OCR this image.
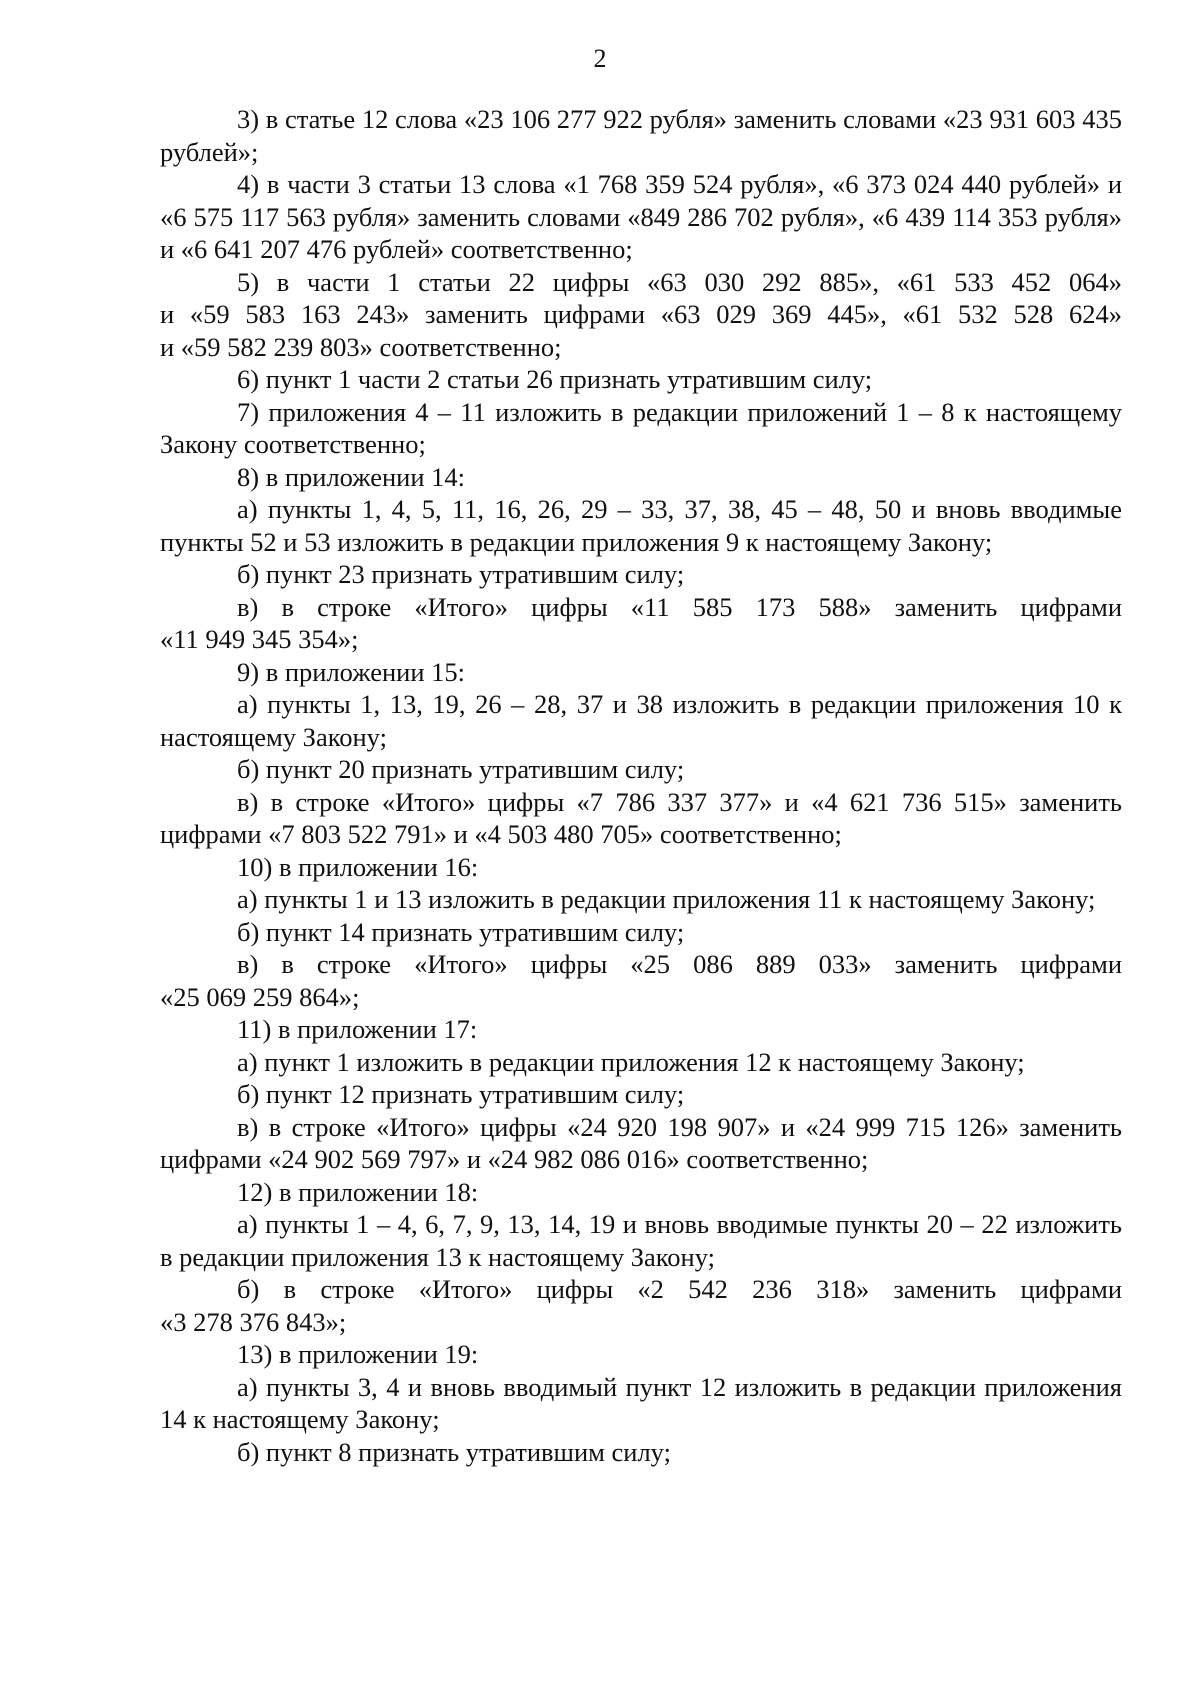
2

3) в статье 12 слова «23 106 277 922 рубля» заменить словами «23 931 603 435 рублей»;

4) в части 3 статьи 13 слова «1 768 359 524 рубля», «6 373 024 440 рублей» и «6 575 117 563 рубля» заменить словами «849 286 702 рубля», «6 439 114 353 рубля» и «6 641 207 476 рублей» соответственно;

5) в части 1 статьи 22 цифры «63 030 292 885», «61 533 452 064» и «59 583 163 243» заменить цифрами «63 029 369 445», «61 532 528 624» и «59 582 239 803» соответственно;

6) пункт 1 части 2 статьи 26 признать утратившим силу;

7) приложения 4 – 11 изложить в редакции приложений 1 – 8 к настоящему Закону соответственно;

8) в приложении 14:

а) пункты 1, 4, 5, 11, 16, 26, 29 – 33, 37, 38, 45 – 48, 50 и вновь вводимые пункты 52 и 53 изложить в редакции приложения 9 к настоящему Закону;

б) пункт 23 признать утратившим силу;

в) в строке «Итого» цифры «11 585 173 588» заменить цифрами «11 949 345 354»;

9) в приложении 15:

а) пункты 1, 13, 19, 26 – 28, 37 и 38 изложить в редакции приложения 10 к настоящему Закону;

б) пункт 20 признать утратившим силу;

в) в строке «Итого» цифры «7 786 337 377» и «4 621 736 515» заменить цифрами «7 803 522 791» и «4 503 480 705» соответственно;

10) в приложении 16:

а) пункты 1 и 13 изложить в редакции приложения 11 к настоящему Закону;

б) пункт 14 признать утратившим силу;

в) в строке «Итого» цифры «25 086 889 033» заменить цифрами «25 069 259 864»;

11) в приложении 17:

а) пункт 1 изложить в редакции приложения 12 к настоящему Закону;

б) пункт 12 признать утратившим силу;

в) в строке «Итого» цифры «24 920 198 907» и «24 999 715 126» заменить цифрами «24 902 569 797» и «24 982 086 016» соответственно;

12) в приложении 18:

а) пункты 1 – 4, 6, 7, 9, 13, 14, 19 и вновь вводимые пункты 20 – 22 изложить в редакции приложения 13 к настоящему Закону;

б) в строке «Итого» цифры «2 542 236 318» заменить цифрами «3 278 376 843»;

13) в приложении 19:

а) пункты 3, 4 и вновь вводимый пункт 12 изложить в редакции приложения 14 к настоящему Закону;

б) пункт 8 признать утратившим силу;
